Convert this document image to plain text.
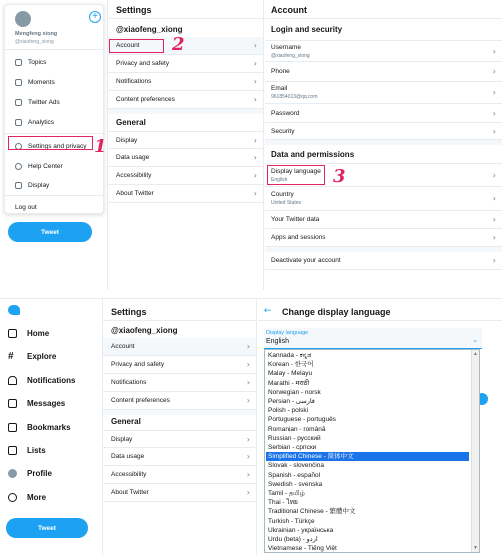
+
Mengfeng xiong
@xiaofeng_xiong
Topics
Moments
Twitter Ads
Analytics
Settings and privacy
Help Center
Display
Log out
1
Tweet
Settings
@xiaofeng_xiong
Account	›
Privacy and safety	›
Notifications	›
Content preferences	›
General
Display	›
Data usage	›
Accessibility	›
About Twitter	›
2
Account
Login and security
Username
@xiaofeng_xiong	›
Phone	›
Email
961854013@qq.com	›
Password	›
Security	›
Data and permissions
Display language
English	›
Country
United States	›
Your Twitter data	›
Apps and sessions	›
Deactivate your account	›
3
Home
#	Explore
Notifications
Messages
Bookmarks
Lists
Profile
More
Tweet
Settings
@xiaofeng_xiong
Account	›
Privacy and safety	›
Notifications	›
Content preferences	›
General
Display	›
Data usage	›
Accessibility	›
About Twitter	›
← Change display language
Display language
English	⌄
▲
▼
Kannada - ಕನ್ನಡ
Korean - 한국어
Malay - Melayu
Marathi - मराठी
Norwegian - norsk
Persian - فارسی
Polish - polski
Portuguese - português
Romanian - română
Russian - русский
Serbian - српски
Simplified Chinese - 简体中文
Slovak - slovenčina
Spanish - español
Swedish - svenska
Tamil - தமிழ்
Thai - ไทย
Traditional Chinese - 繁體中文
Turkish - Türkçe
Ukrainian - українська
Urdu (beta) - اردو
Vietnamese - Tiếng Việt
